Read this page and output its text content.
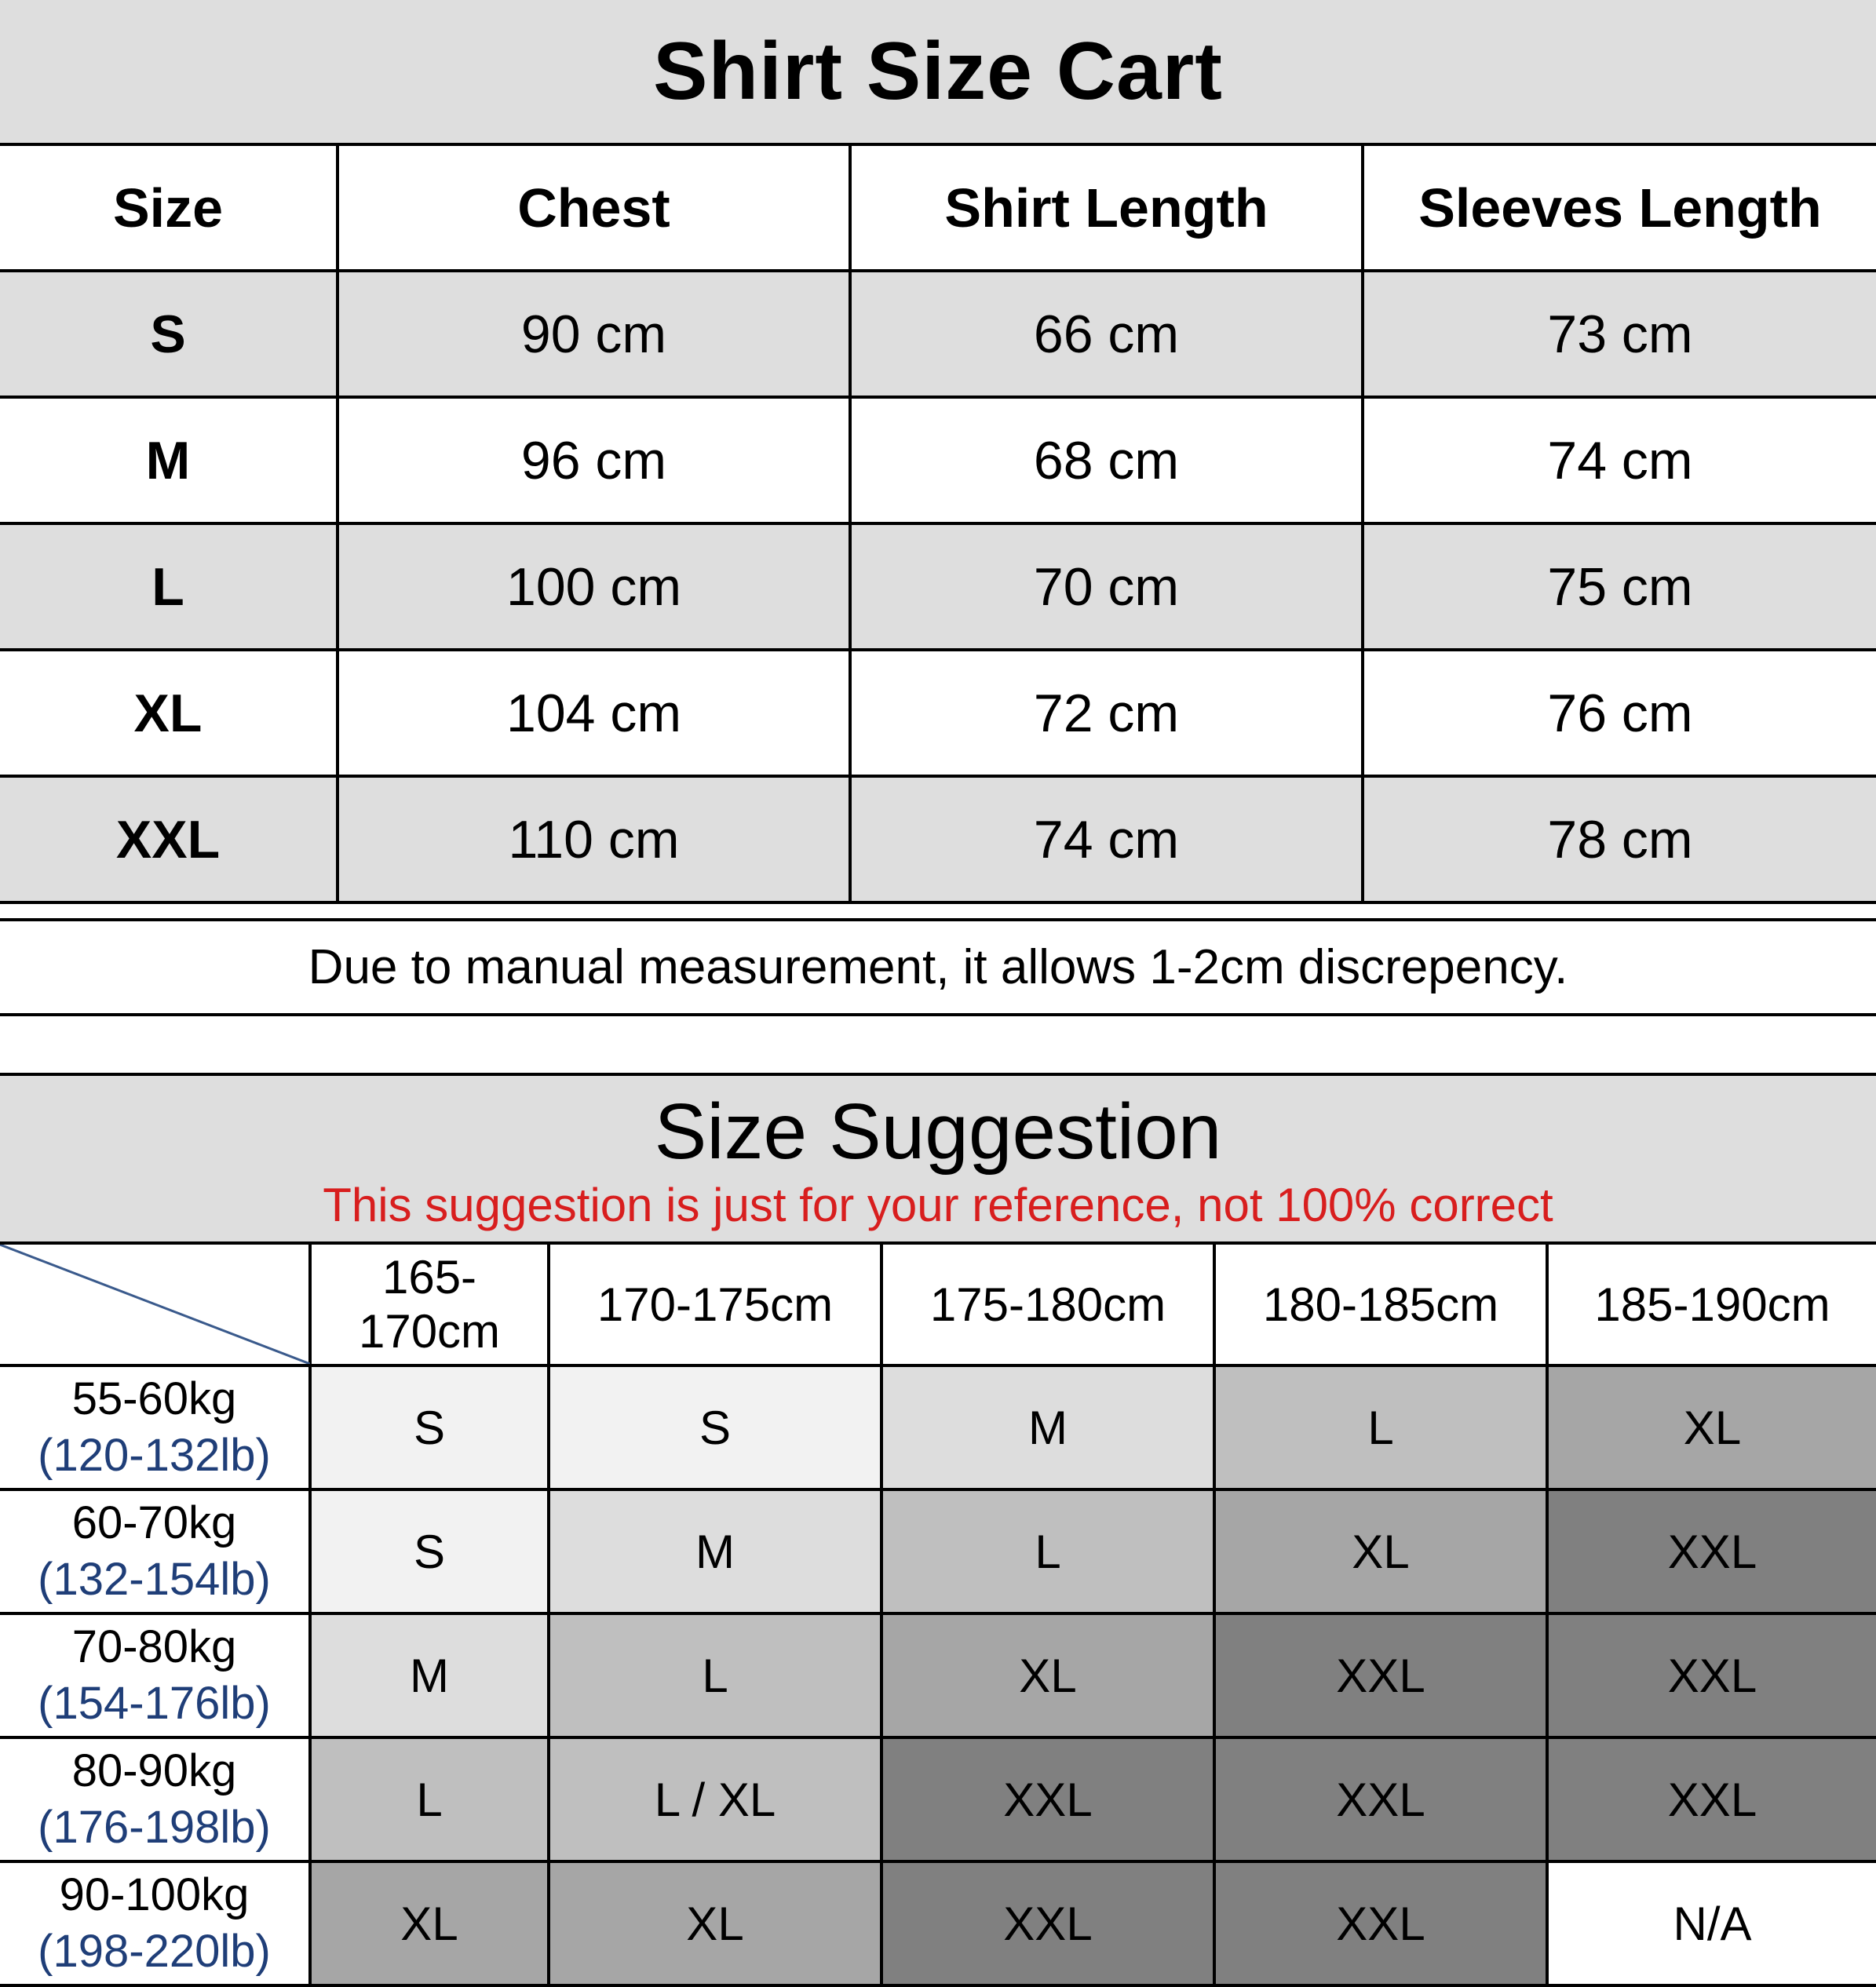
Shirt Size Cart
Size	Chest	Shirt Length	Sleeves Length
S	90 cm	66 cm	73 cm
M	96 cm	68 cm	74 cm
L	100 cm	70 cm	75 cm
XL	104 cm	72 cm	76 cm
XXL	110 cm	74 cm	78 cm
Due to manual measurement, it allows 1-2cm discrepency.
Size Suggestion
This suggestion is just for your reference, not 100% correct
	165-170cm	170-175cm	175-180cm	180-185cm	185-190cm

55-60kg
(120-132lb)	S	S	M	L	XL

60-70kg
(132-154lb)	S	M	L	XL	XXL

70-80kg
(154-176lb)	M	L	XL	XXL	XXL

80-90kg
(176-198lb)	L	L / XL	XXL	XXL	XXL

90-100kg
(198-220lb)	XL	XL	XXL	XXL	N/A
